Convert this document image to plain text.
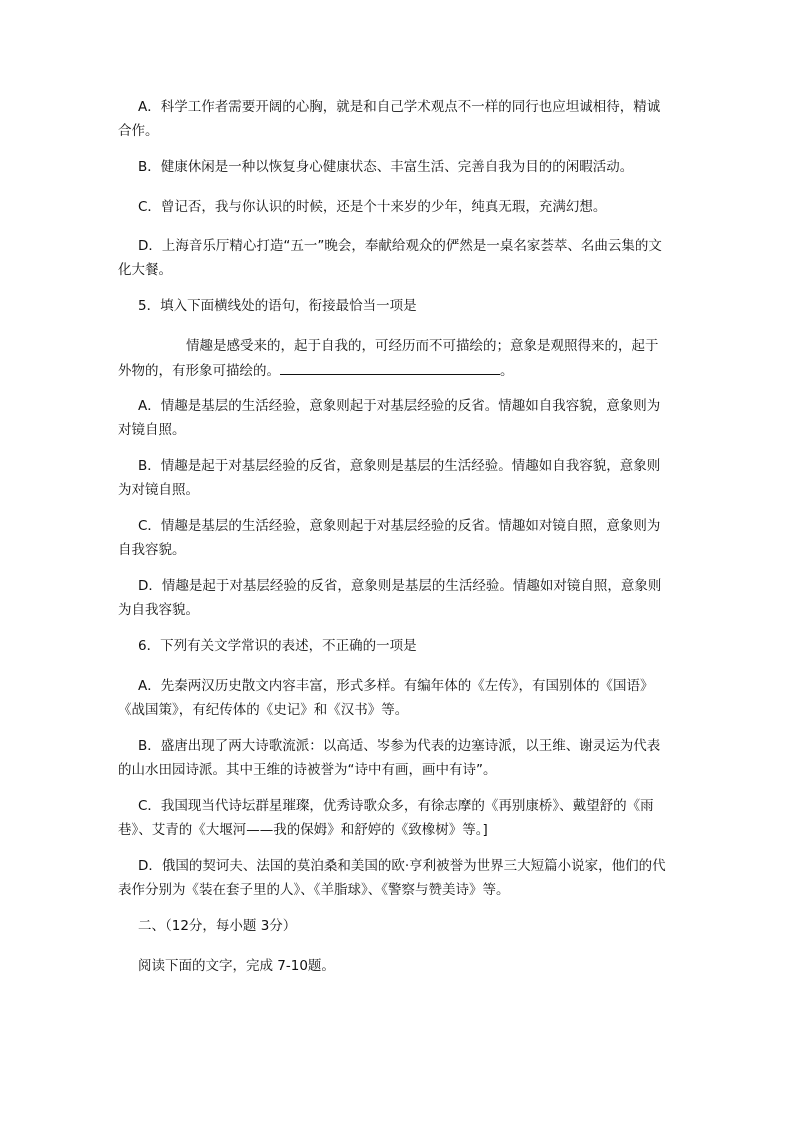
A．科学工作者需要开阔的心胸，就是和自己学术观点不一样的同行也应坦诚相待，精诚合作。

B．健康休闲是一种以恢复身心健康状态、丰富生活、完善自我为目的的闲暇活动。

C．曾记否，我与你认识的时候，还是个十来岁的少年，纯真无瑕，充满幻想。

D．上海音乐厅精心打造“五一”晚会，奉献给观众的俨然是一桌名家荟萃、名曲云集的文化大餐。

5．填入下面横线处的语句，衔接最恰当一项是

情趣是感受来的，起于自我的，可经历而不可描绘的；意象是观照得来的，起于外物的，有形象可描绘的。	。

A．情趣是基层的生活经验，意象则起于对基层经验的反省。情趣如自我容貌，意象则为对镜自照。

B．情趣是起于对基层经验的反省，意象则是基层的生活经验。情趣如自我容貌，意象则为对镜自照。

C．情趣是基层的生活经验，意象则起于对基层经验的反省。情趣如对镜自照，意象则为自我容貌。

D．情趣是起于对基层经验的反省，意象则是基层的生活经验。情趣如对镜自照，意象则为自我容貌。

6．下列有关文学常识的表述，不正确的一项是

A．先秦两汉历史散文内容丰富，形式多样。有编年体的《左传》，有国别体的《国语》《战国策》，有纪传体的《史记》和《汉书》等。

B．盛唐出现了两大诗歌流派：以高适、岑参为代表的边塞诗派，以王维、谢灵运为代表的山水田园诗派。其中王维的诗被誉为“诗中有画，画中有诗”。

C．我国现当代诗坛群星璀璨，优秀诗歌众多，有徐志摩的《再别康桥》、戴望舒的《雨巷》、艾青的《大堰河——我的保姆》和舒婷的《致橡树》等。]

D．俄国的契诃夫、法国的莫泊桑和美国的欧·亨利被誉为世界三大短篇小说家，他们的代表作分别为《装在套子里的人》、《羊脂球》、《警察与赞美诗》等。

二、（12分，每小题 3分）

阅读下面的文字，完成 7-10题。
